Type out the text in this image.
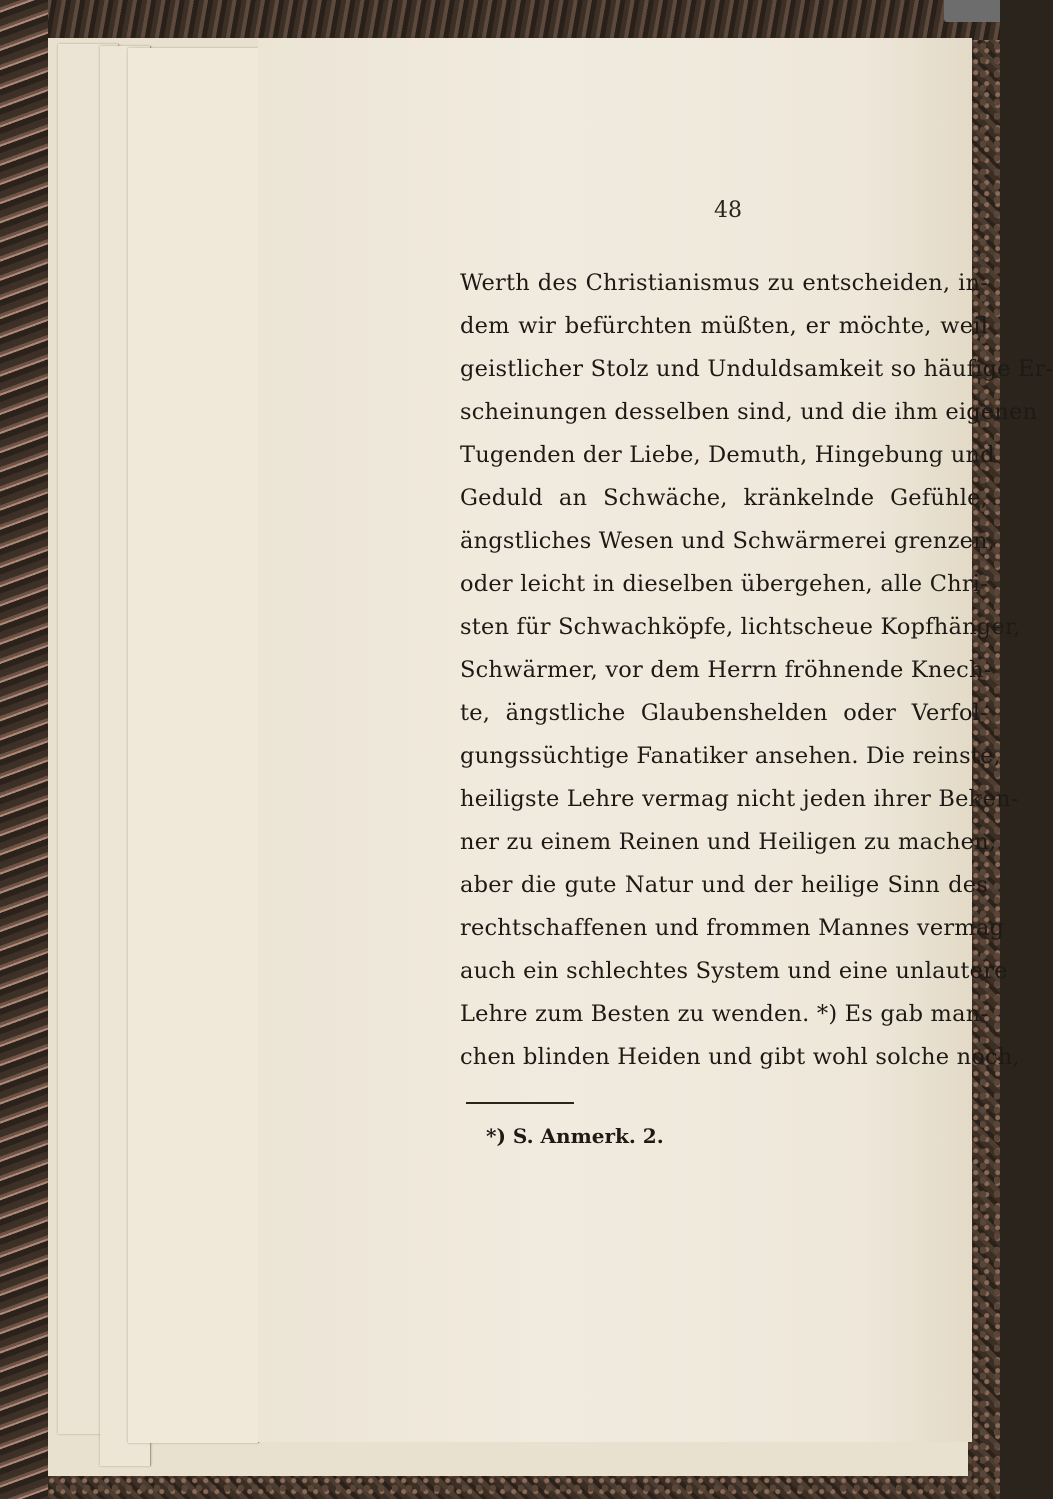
48
Werth des Christianismus zu entscheiden, in-
dem wir befürchten müßten, er möchte, weil
geistlicher Stolz und Unduldsamkeit so häufige Er-
scheinungen desselben sind, und die ihm eigenen
Tugenden der Liebe, Demuth, Hingebung und
Geduld an Schwäche, kränkelnde Gefühle,
ängstliches Wesen und Schwärmerei grenzen,
oder leicht in dieselben übergehen, alle Chri-
sten für Schwachköpfe, lichtscheue Kopfhänger,
Schwärmer, vor dem Herrn fröhnende Knech-
te, ängstliche Glaubenshelden oder Verfol-
gungssüchtige Fanatiker ansehen. Die reinste,
heiligste Lehre vermag nicht jeden ihrer Beken-
ner zu einem Reinen und Heiligen zu machen;
aber die gute Natur und der heilige Sinn des
rechtschaffenen und frommen Mannes vermag
auch ein schlechtes System und eine unlautere
Lehre zum Besten zu wenden. *) Es gab man-
chen blinden Heiden und gibt wohl solche noch,
*) S. Anmerk. 2.
